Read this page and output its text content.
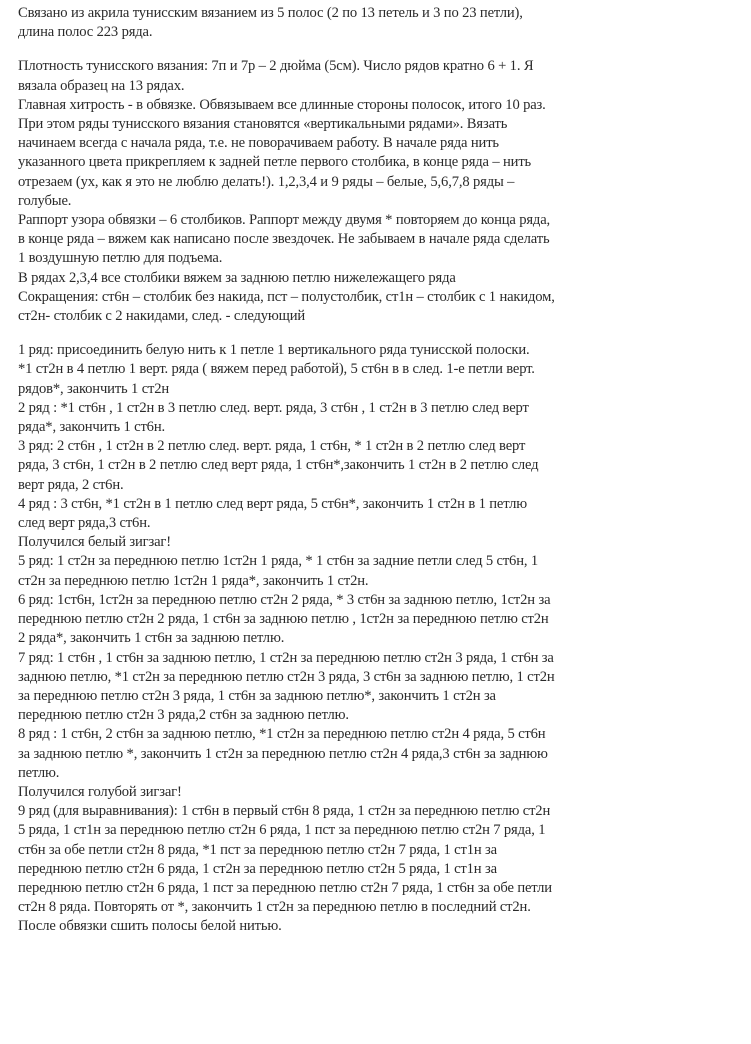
Связано из акрила тунисским вязанием из 5 полос (2 по 13 петель и 3 по 23 петли),
длина полос 223 ряда.

Плотность тунисского вязания: 7п и 7р – 2 дюйма (5см). Число рядов кратно 6 + 1. Я
вязала образец на 13 рядах.

Главная хитрость - в обвязке. Обвязываем все длинные стороны полосок, итого 10 раз.
При этом ряды тунисского вязания становятся «вертикальными рядами». Вязать
начинаем всегда с начала ряда, т.е. не поворачиваем работу. В начале ряда нить
указанного цвета прикрепляем к задней петле первого столбика, в конце ряда – нить
отрезаем (ух, как я это не люблю делать!). 1,2,3,4 и 9 ряды – белые, 5,6,7,8 ряды –
голубые.

Раппорт узора обвязки – 6 столбиков. Раппорт между двумя * повторяем до конца ряда,
в конце ряда – вяжем как написано после звездочек. Не забываем в начале ряда сделать
1 воздушную петлю для подъема.

В рядах 2,3,4 все столбики вяжем за заднюю петлю нижележащего ряда

Сокращения: ст6н – столбик без накида, пст – полустолбик, ст1н – столбик с 1 накидом,
ст2н- столбик с 2 накидами, след. - следующий

1 ряд: присоединить белую нить к 1 петле 1 вертикального ряда тунисской полоски.
*1 ст2н в 4 петлю 1 верт. ряда ( вяжем перед работой), 5 ст6н в в след. 1-е петли верт.
рядов*, закончить 1 ст2н

2 ряд : *1 ст6н , 1 ст2н в 3 петлю след. верт. ряда, 3 ст6н , 1 ст2н в 3 петлю след верт
ряда*, закончить 1 ст6н.

3 ряд: 2 ст6н , 1 ст2н в 2 петлю след. верт. ряда, 1 ст6н, * 1 ст2н в 2 петлю след верт
ряда, 3 ст6н, 1 ст2н в 2 петлю след верт ряда, 1 ст6н*,закончить 1 ст2н в 2 петлю след
верт ряда, 2 ст6н.

4 ряд : 3 ст6н, *1 ст2н в 1 петлю след верт ряда, 5 ст6н*, закончить 1 ст2н в 1 петлю
след верт ряда,3 ст6н.

Получился белый зигзаг!

5 ряд: 1 ст2н за переднюю петлю 1ст2н 1 ряда, * 1 ст6н за задние петли след 5 ст6н, 1
ст2н за переднюю петлю 1ст2н 1 ряда*, закончить 1 ст2н.

6 ряд: 1ст6н, 1ст2н за переднюю петлю ст2н 2 ряда, * 3 ст6н за заднюю петлю, 1ст2н за
переднюю петлю ст2н 2 ряда, 1 ст6н за заднюю петлю , 1ст2н за переднюю петлю ст2н
2 ряда*, закончить 1 ст6н за заднюю петлю.

7 ряд: 1 ст6н , 1 ст6н за заднюю петлю, 1 ст2н за переднюю петлю ст2н 3 ряда, 1 ст6н за
заднюю петлю, *1 ст2н за переднюю петлю ст2н 3 ряда, 3 ст6н за заднюю петлю, 1 ст2н
за переднюю петлю ст2н 3 ряда, 1 ст6н за заднюю петлю*, закончить 1 ст2н за
переднюю петлю ст2н 3 ряда,2 ст6н за заднюю петлю.

8 ряд : 1 ст6н, 2 ст6н за заднюю петлю, *1 ст2н за переднюю петлю ст2н 4 ряда, 5 ст6н
за заднюю петлю *, закончить 1 ст2н за переднюю петлю ст2н 4 ряда,3 ст6н за заднюю
петлю.

Получился голубой зигзаг!

9 ряд (для выравнивания): 1 ст6н в первый ст6н 8 ряда, 1 ст2н за переднюю петлю ст2н
5 ряда, 1 ст1н за переднюю петлю ст2н 6 ряда, 1 пст за переднюю петлю ст2н 7 ряда, 1
ст6н за обе петли ст2н 8 ряда, *1 пст за переднюю петлю ст2н 7 ряда, 1 ст1н за
переднюю петлю ст2н 6 ряда, 1 ст2н за переднюю петлю ст2н 5 ряда, 1 ст1н за
переднюю петлю ст2н 6 ряда, 1 пст за переднюю петлю ст2н 7 ряда, 1 ст6н за обе петли
ст2н 8 ряда. Повторять от *, закончить 1 ст2н за переднюю петлю в последний ст2н.

После обвязки сшить полосы белой нитью.
